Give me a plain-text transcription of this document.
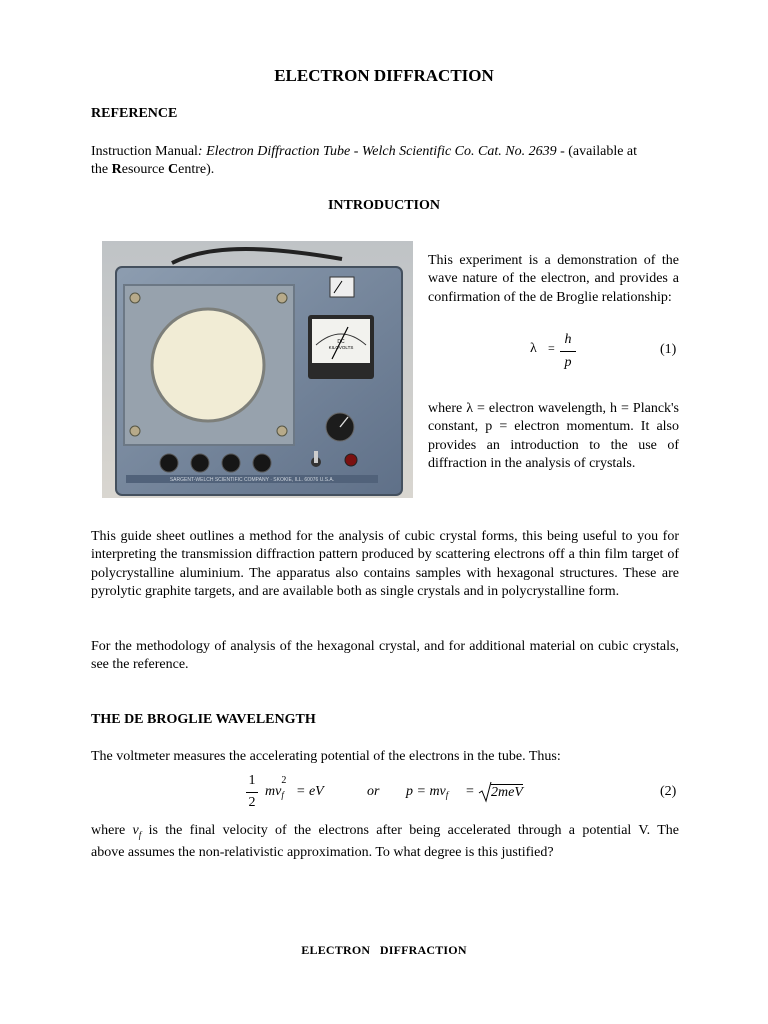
ELECTRON DIFFRACTION
REFERENCE
Instruction Manual: Electron Diffraction Tube - Welch Scientific Co. Cat. No. 2639 - (available at
the Resource Centre).
INTRODUCTION
DC
KILOVOLTS
SARGENT-WELCH SCIENTIFIC COMPANY · SKOKIE, ILL. 60076 U.S.A.
This experiment is a demonstration of the wave nature of the electron, and provides a confirmation of the de Broglie relationship:
λ =
h
p
(1)
where λ = electron wavelength, h = Planck's constant, p = electron momentum. It also provides an introduction to the use of diffraction in the analysis of crystals.
This guide sheet outlines a method for the analysis of cubic crystal forms, this being useful to you for interpreting the transmission diffraction pattern produced by scattering electrons off a thin film target of polycrystalline aluminium. The apparatus also contains samples with hexagonal structures. These are pyrolytic graphite targets, and are available both as single crystals and in polycrystalline form.
For the methodology of analysis of the hexagonal crystal, and for additional material on cubic crystals, see the reference.
THE DE BROGLIE WAVELENGTH
The voltmeter measures the accelerating potential of the electrons in the tube. Thus:
1
2
mv
2
f = eV	or p = mv f = 2meV	(2)
where $v_f$ is the final velocity of the electrons after being accelerated through a potential V. The
above assumes the non-relativistic approximation. To what degree is this justified?
ELECTRON   DIFFRACTION
